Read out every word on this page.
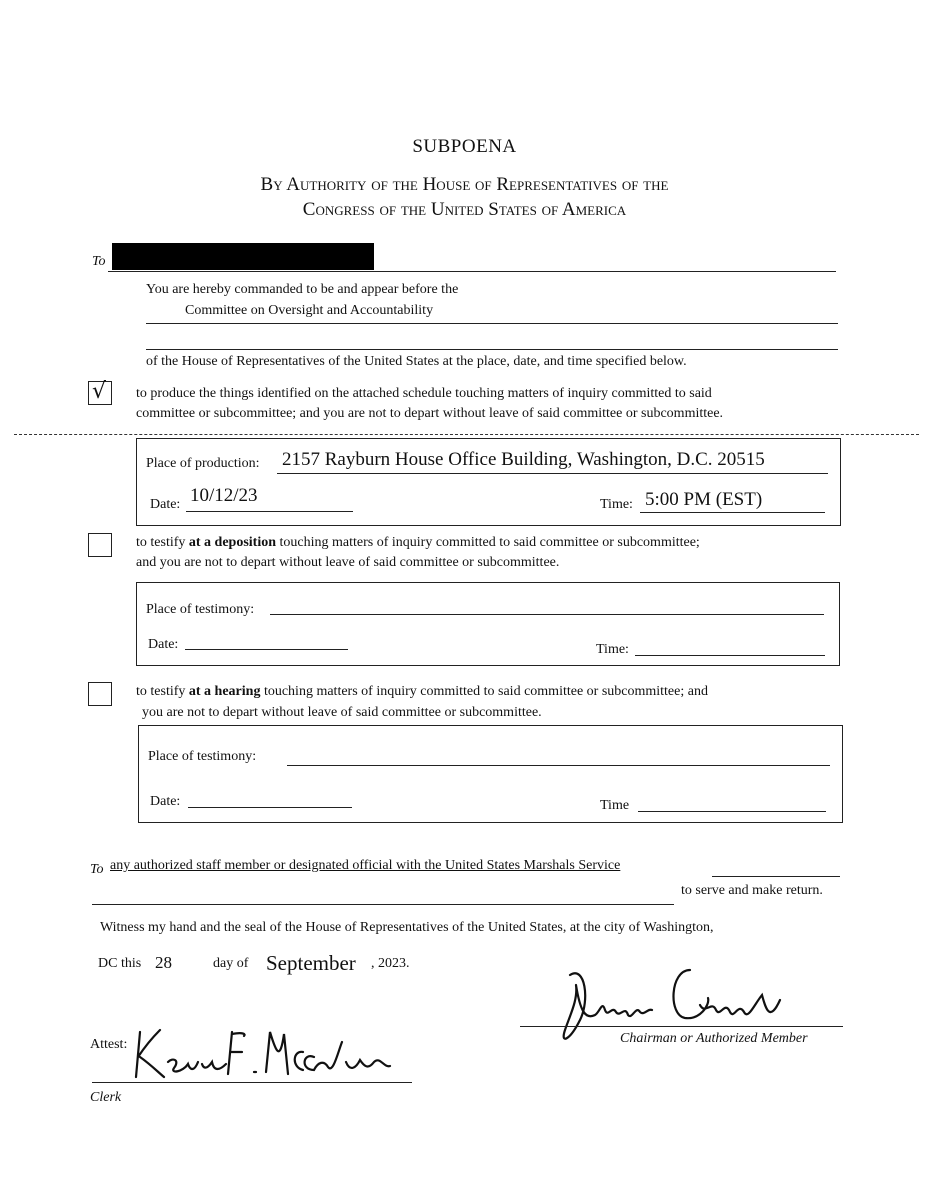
SUBPOENA
By Authority of the House of Representatives of the
Congress of the United States of America
To
You are hereby commanded to be and appear before the
Committee on Oversight and Accountability
of the House of Representatives of the United States at the place, date, and time specified below.
√ to produce the things identified on the attached schedule touching matters of inquiry committed to said
committee or subcommittee; and you are not to depart without leave of said committee or subcommittee.
Place of production: 2157 Rayburn House Office Building, Washington, D.C. 20515
Date: 10/12/23	Time: 5:00 PM (EST)
to testify at a deposition touching matters of inquiry committed to said committee or subcommittee;
and you are not to depart without leave of said committee or subcommittee.
Place of testimony:
Date:	Time:
to testify at a hearing touching matters of inquiry committed to said committee or subcommittee; and
you are not to depart without leave of said committee or subcommittee.
Place of testimony:
Date:	Time
To any authorized staff member or designated official with the United States Marshals Service
to serve and make return.
Witness my hand and the seal of the House of Representatives of the United States, at the city of Washington,
DC this 28	day of September , 2023.
Chairman or Authorized Member
Attest:
Clerk
